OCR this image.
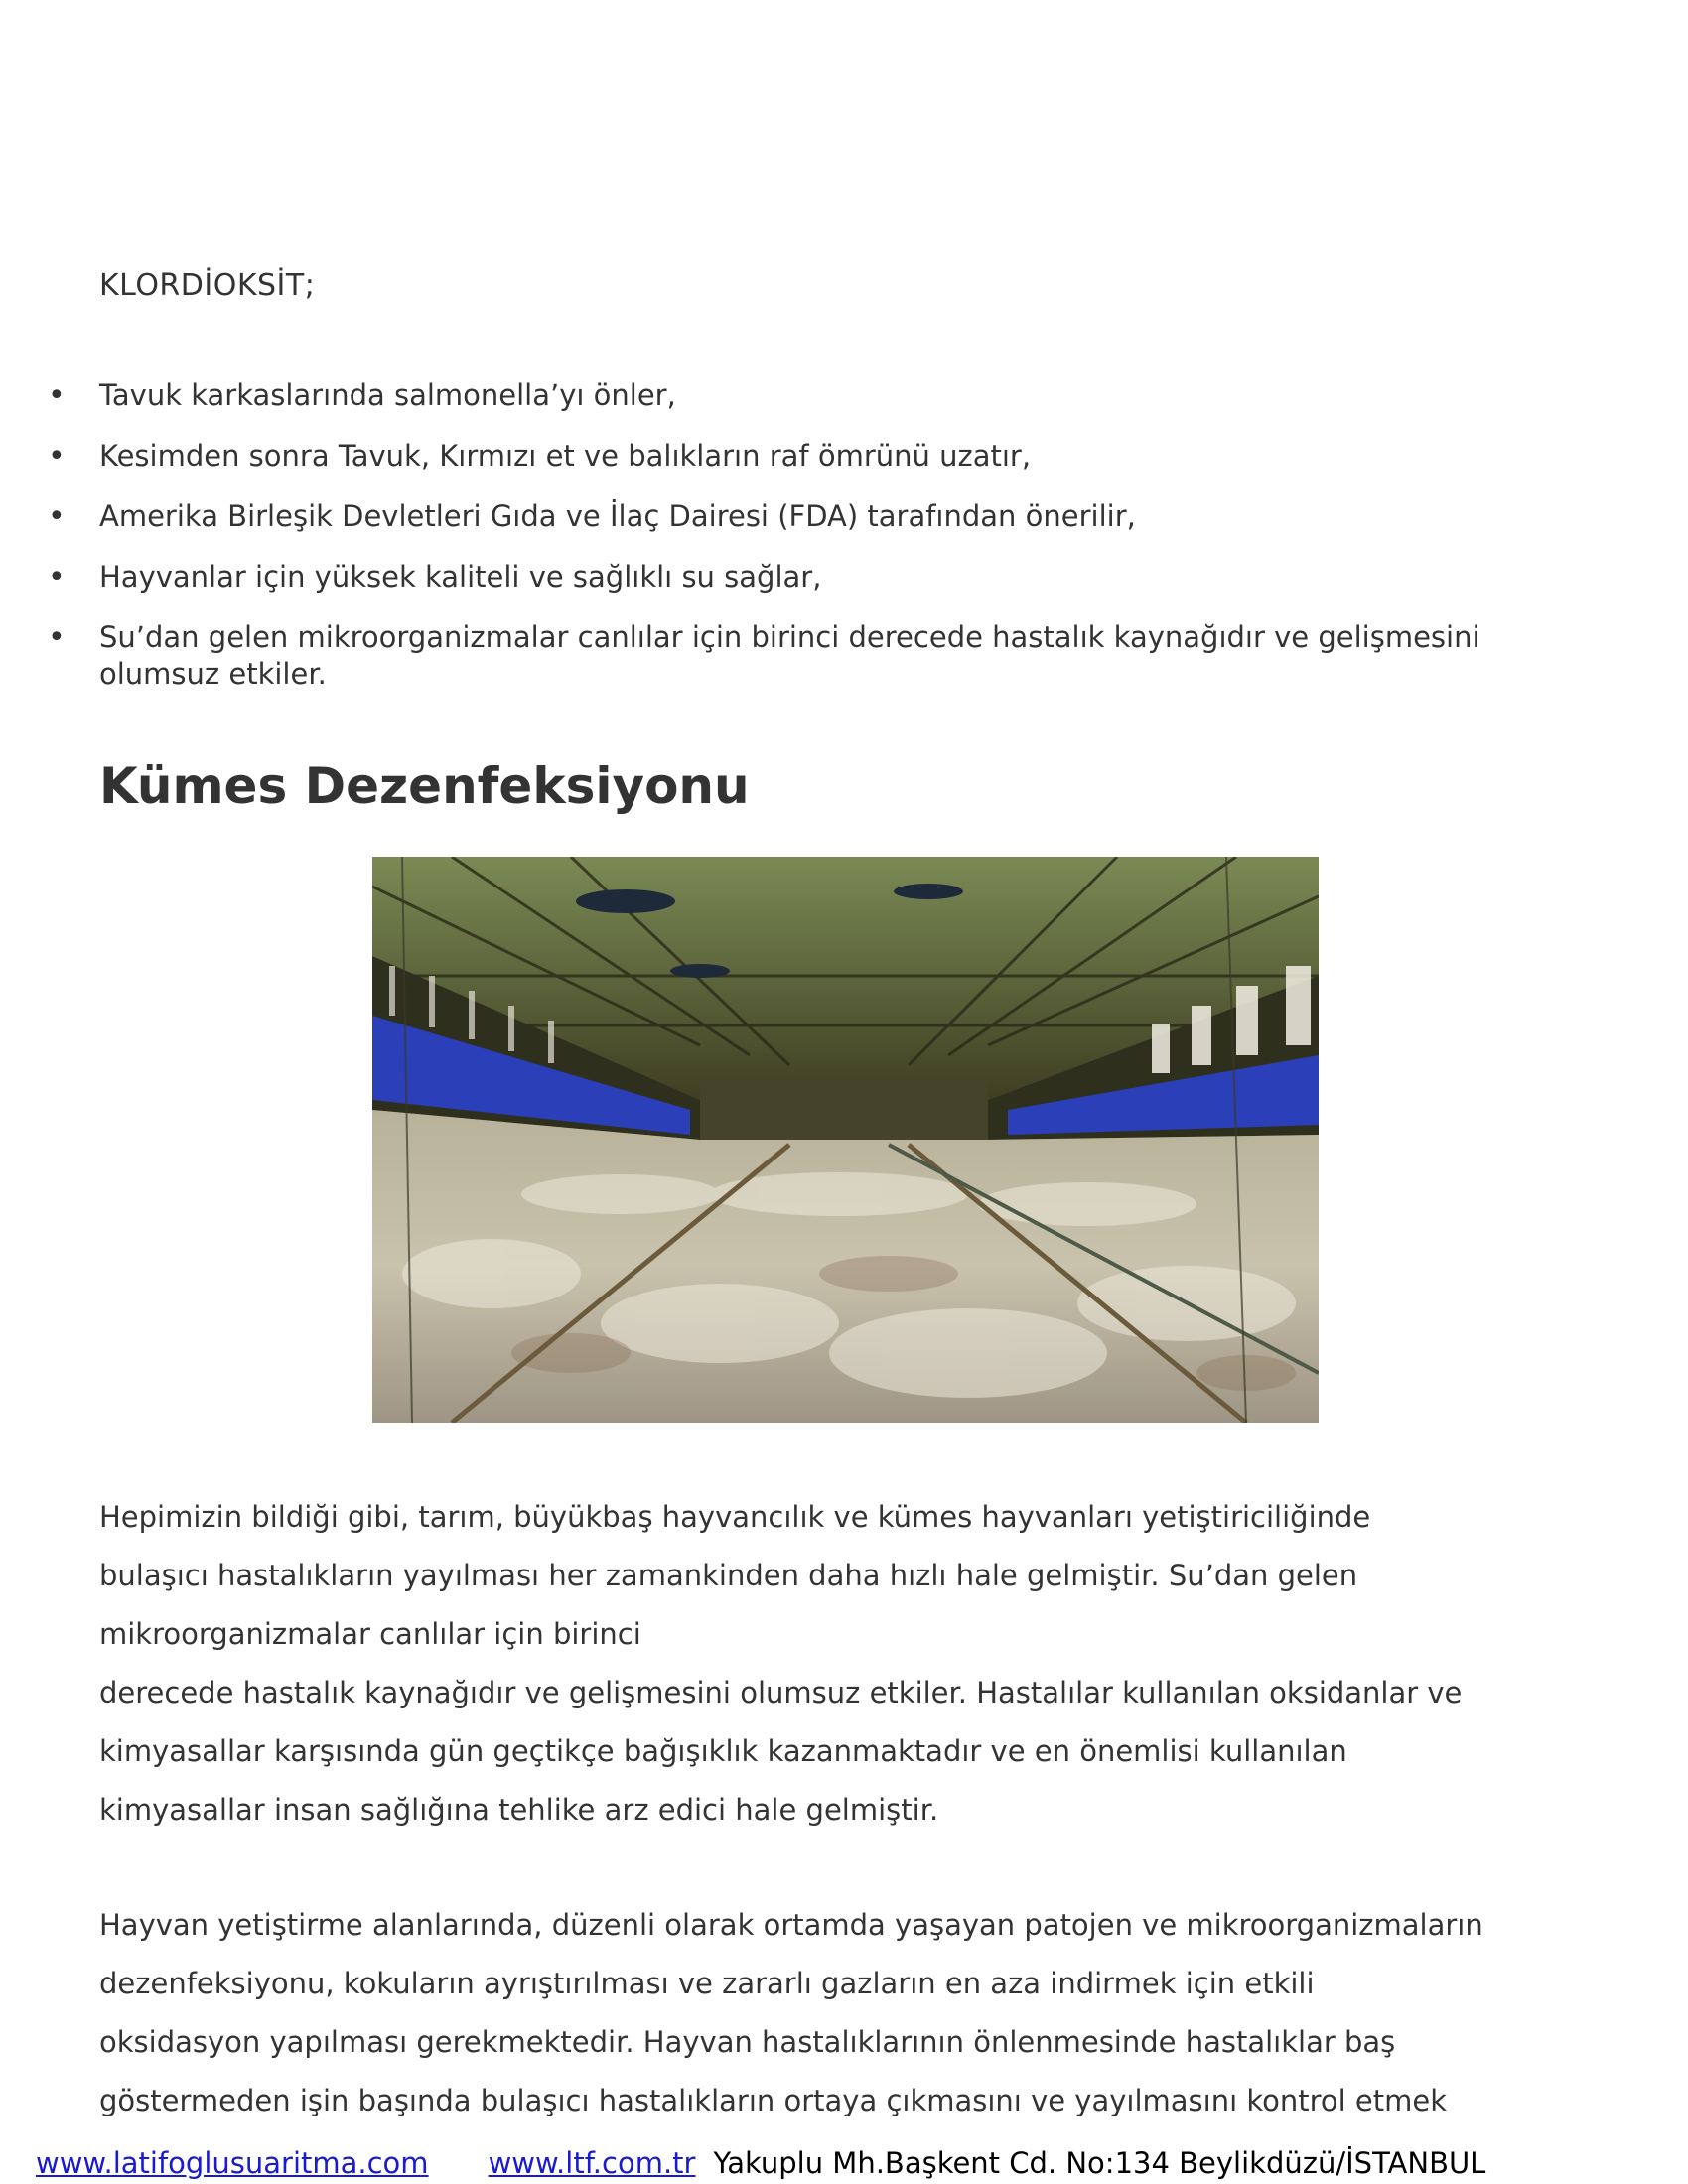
KLORDİOKSİT;
• Tavuk karkaslarında salmonella’yı önler,
• Kesimden sonra Tavuk, Kırmızı et ve balıkların raf ömrünü uzatır,
• Amerika Birleşik Devletleri Gıda ve İlaç Dairesi (FDA) tarafından önerilir,
• Hayvanlar için yüksek kaliteli ve sağlıklı su sağlar,
• Su’dan gelen mikroorganizmalar canlılar için birinci derecede hastalık kaynağıdır ve gelişmesini olumsuz etkiler.
Kümes Dezenfeksiyonu
Hepimizin bildiği gibi, tarım, büyükbaş hayvancılık ve kümes hayvanları yetiştiriciliğinde
bulaşıcı hastalıkların yayılması her zamankinden daha hızlı hale gelmiştir. Su’dan gelen
mikroorganizmalar canlılar için birinci
derecede hastalık kaynağıdır ve gelişmesini olumsuz etkiler. Hastalılar kullanılan oksidanlar ve
kimyasallar karşısında gün geçtikçe bağışıklık kazanmaktadır ve en önemlisi kullanılan
kimyasallar insan sağlığına tehlike arz edici hale gelmiştir.
Hayvan yetiştirme alanlarında, düzenli olarak ortamda yaşayan patojen ve mikroorganizmaların
dezenfeksiyonu, kokuların ayrıştırılması ve zararlı gazların en aza indirmek için etkili
oksidasyon yapılması gerekmektedir. Hayvan hastalıklarının önlenmesinde hastalıklar baş
göstermeden işin başında bulaşıcı hastalıkların ortaya çıkmasını ve yayılmasını kontrol etmek
www.latifoglusuaritma.com www.ltf.com.tr Yakuplu Mh.Başkent Cd. No:134 Beylikdüzü/İSTANBUL
